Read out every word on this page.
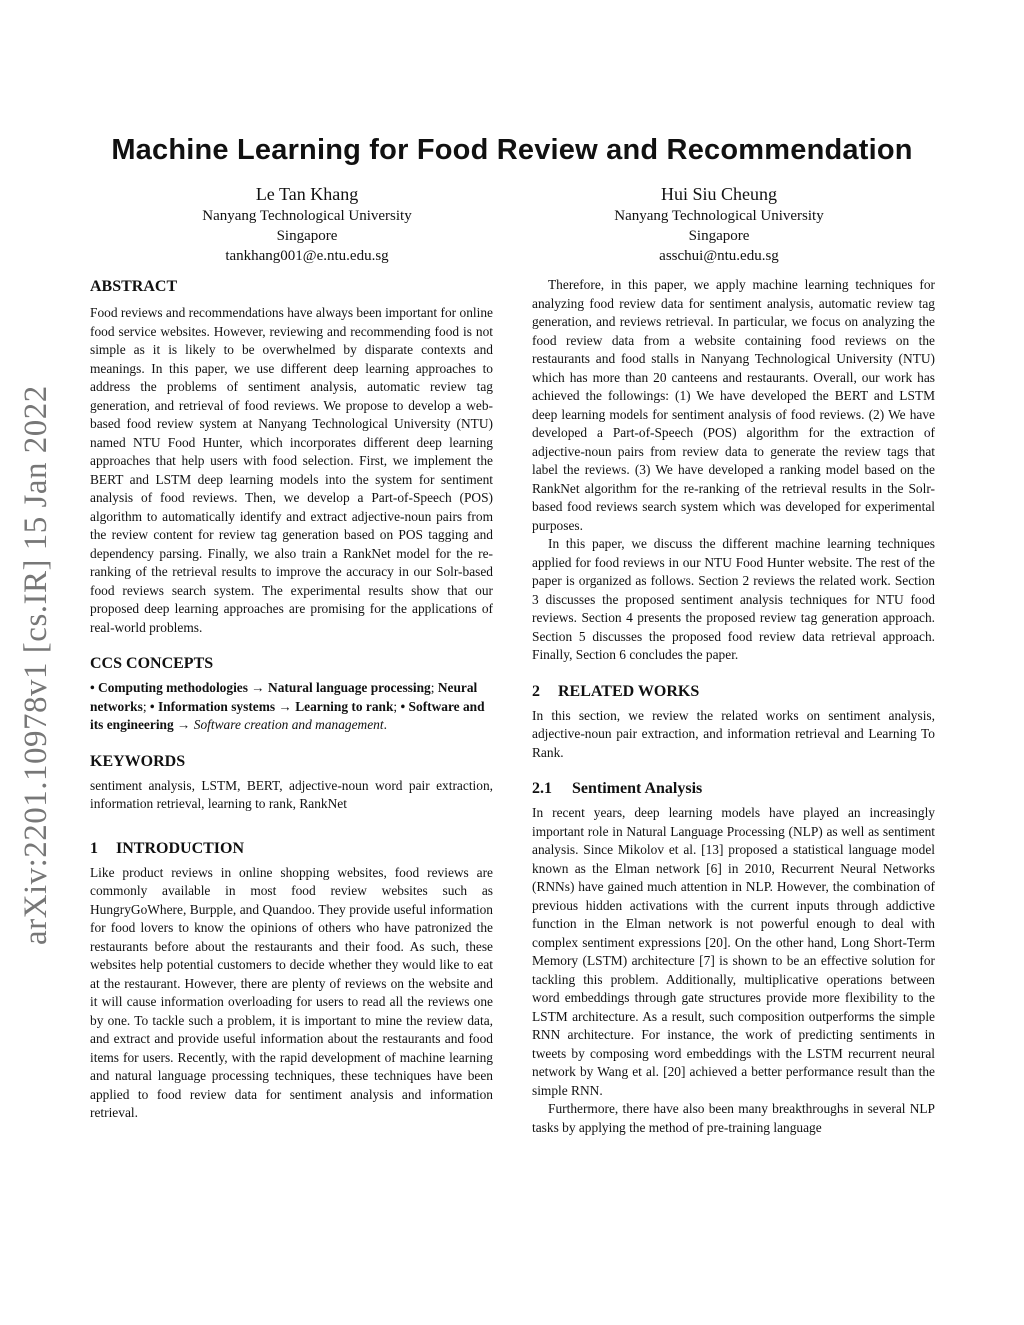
arXiv:2201.10978v1 [cs.IR] 15 Jan 2022
Machine Learning for Food Review and Recommendation
Le Tan Khang
Nanyang Technological University
Singapore
tankhang001@e.ntu.edu.sg
Hui Siu Cheung
Nanyang Technological University
Singapore
asschui@ntu.edu.sg
ABSTRACT

Food reviews and recommendations have always been important for online food service websites. However, reviewing and recommending food is not simple as it is likely to be overwhelmed by disparate contexts and meanings. In this paper, we use different deep learning approaches to address the problems of sentiment analysis, automatic review tag generation, and retrieval of food reviews. We propose to develop a web-based food review system at Nanyang Technological University (NTU) named NTU Food Hunter, which incorporates different deep learning approaches that help users with food selection. First, we implement the BERT and LSTM deep learning models into the system for sentiment analysis of food reviews. Then, we develop a Part-of-Speech (POS) algorithm to automatically identify and extract adjective-noun pairs from the review content for review tag generation based on POS tagging and dependency parsing. Finally, we also train a RankNet model for the re-ranking of the retrieval results to improve the accuracy in our Solr-based food reviews search system. The experimental results show that our proposed deep learning approaches are promising for the applications of real-world problems.

CCS CONCEPTS

• Computing methodologies → Natural language processing; Neural networks; • Information systems → Learning to rank; • Software and its engineering → Software creation and management.

KEYWORDS

sentiment analysis, LSTM, BERT, adjective-noun word pair extraction, information retrieval, learning to rank, RankNet

1 INTRODUCTION

Like product reviews in online shopping websites, food reviews are commonly available in most food review websites such as HungryGoWhere, Burpple, and Quandoo. They provide useful information for food lovers to know the opinions of others who have patronized the restaurants before about the restaurants and their food. As such, these websites help potential customers to decide whether they would like to eat at the restaurant. However, there are plenty of reviews on the website and it will cause information overloading for users to read all the reviews one by one. To tackle such a problem, it is important to mine the review data, and extract and provide useful information about the restaurants and food items for users. Recently, with the rapid development of machine learning and natural language processing techniques, these techniques have been applied to food review data for sentiment analysis and information retrieval.

Therefore, in this paper, we apply machine learning techniques for analyzing food review data for sentiment analysis, automatic review tag generation, and reviews retrieval. In particular, we focus on analyzing the food review data from a website containing food reviews on the restaurants and food stalls in Nanyang Technological University (NTU) which has more than 20 canteens and restaurants. Overall, our work has achieved the followings: (1) We have developed the BERT and LSTM deep learning models for sentiment analysis of food reviews. (2) We have developed a Part-of-Speech (POS) algorithm for the extraction of adjective-noun pairs from review data to generate the review tags that label the reviews. (3) We have developed a ranking model based on the RankNet algorithm for the re-ranking of the retrieval results in the Solr-based food reviews search system which was developed for experimental purposes.

In this paper, we discuss the different machine learning techniques applied for food reviews in our NTU Food Hunter website. The rest of the paper is organized as follows. Section 2 reviews the related work. Section 3 discusses the proposed sentiment analysis techniques for NTU food reviews. Section 4 presents the proposed review tag generation approach. Section 5 discusses the proposed food review data retrieval approach. Finally, Section 6 concludes the paper.

2 RELATED WORKS

In this section, we review the related works on sentiment analysis, adjective-noun pair extraction, and information retrieval and Learning To Rank.

2.1 Sentiment Analysis

In recent years, deep learning models have played an increasingly important role in Natural Language Processing (NLP) as well as sentiment analysis. Since Mikolov et al. [13] proposed a statistical language model known as the Elman network [6] in 2010, Recurrent Neural Networks (RNNs) have gained much attention in NLP. However, the combination of previous hidden activations with the current inputs through addictive function in the Elman network is not powerful enough to deal with complex sentiment expressions [20]. On the other hand, Long Short-Term Memory (LSTM) architecture [7] is shown to be an effective solution for tackling this problem. Additionally, multiplicative operations between word embeddings through gate structures provide more flexibility to the LSTM architecture. As a result, such composition outperforms the simple RNN architecture. For instance, the work of predicting sentiments in tweets by composing word embeddings with the LSTM recurrent neural network by Wang et al. [20] achieved a better performance result than the simple RNN.

Furthermore, there have also been many breakthroughs in several NLP tasks by applying the method of pre-training language
